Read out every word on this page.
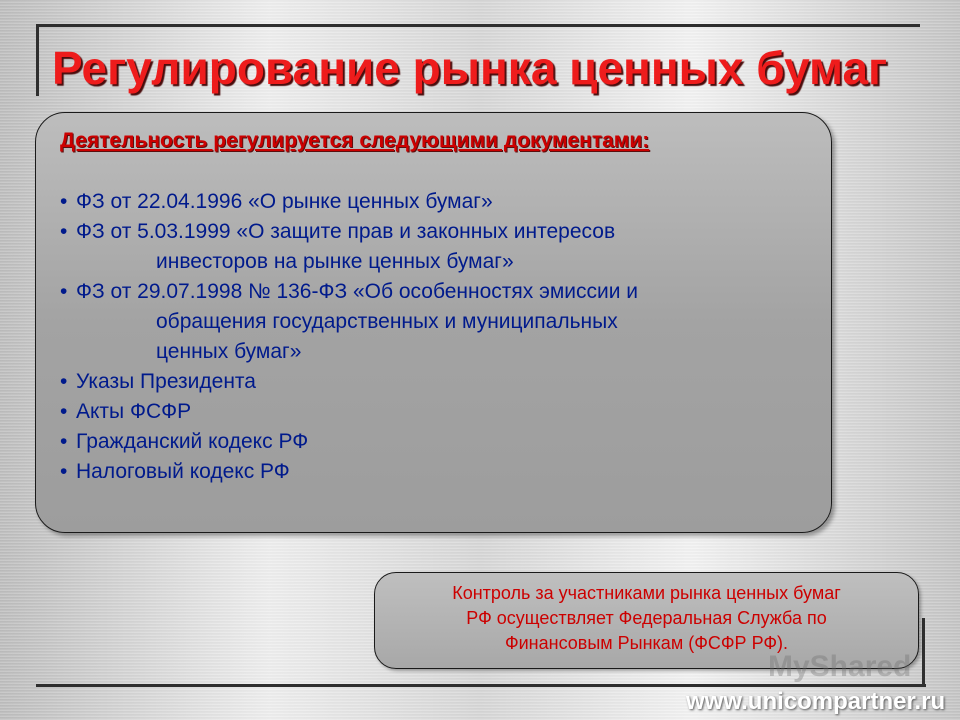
Регулирование рынка ценных бумаг

Деятельность регулируется следующими документами:

• ФЗ от 22.04.1996 «О рынке ценных бумаг»
• ФЗ от 5.03.1999 «О защите прав и законных интересов
инвесторов на рынке ценных бумаг»
• ФЗ от 29.07.1998 № 136-ФЗ «Об особенностях эмиссии и
обращения государственных и муниципальных
ценных бумаг»
• Указы Президента
• Акты ФСФР
• Гражданский кодекс РФ
• Налоговый кодекс РФ
Контроль за участниками рынка ценных бумаг
РФ осуществляет Федеральная Служба по
Финансовым Рынкам (ФСФР РФ).
MyShared
www.unicompartner.ru
